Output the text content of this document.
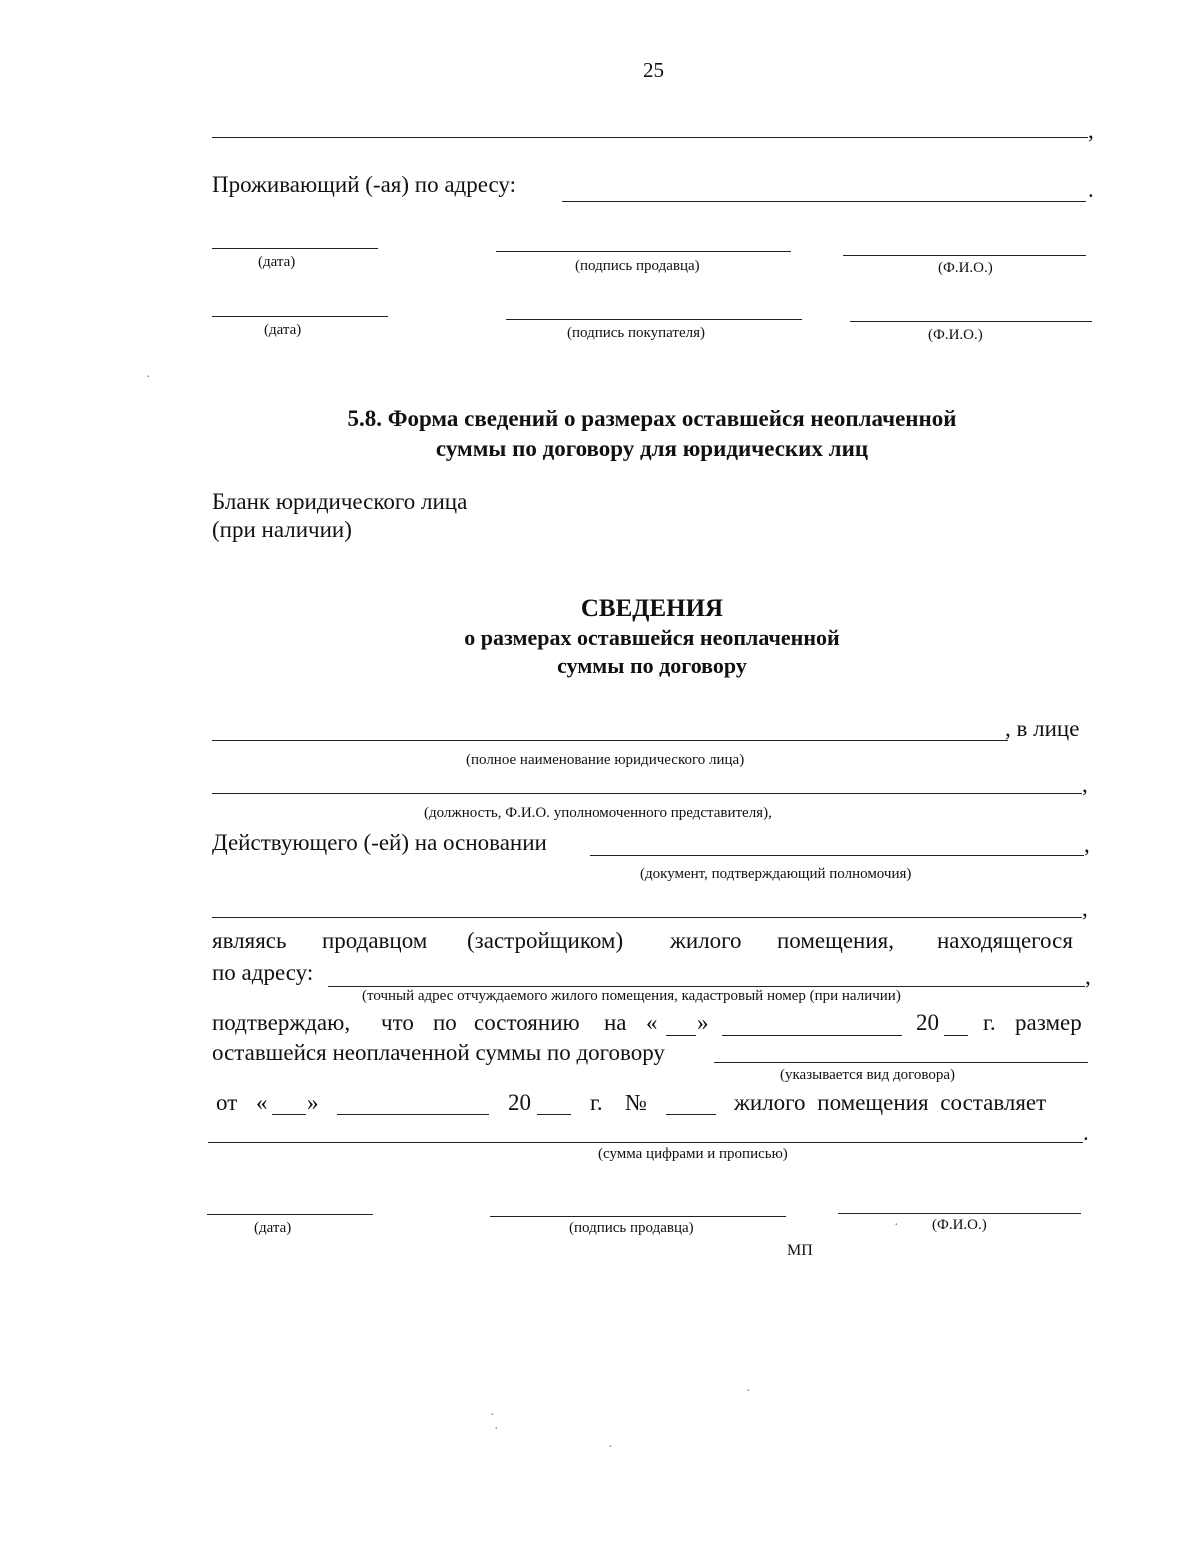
25
,
Проживающий (-ая) по адресу:	.
(дата)	(подпись продавца)	(Ф.И.О.)
(дата)	(подпись покупателя)	(Ф.И.О.)
5.8. Форма сведений о размерах оставшейся неоплаченной
суммы по договору для юридических лиц
Бланк юридического лица
(при наличии)
СВЕДЕНИЯ
о размерах оставшейся неоплаченной
суммы по договору
, в лице
(полное наименование юридического лица)
,
(должность, Ф.И.О. уполномоченного представителя),
Действующего (-ей) на основании	,
(документ, подтверждающий полномочия)
,
являясь продавцом (застройщиком) жилого помещения, находящегося
по адресу:	,
(точный адрес отчуждаемого жилого помещения, кадастровый номер (при наличии)
подтверждаю, что по состоянию на « »	20 г. размер
оставшейся неоплаченной суммы по договору
(указывается вид договора)
от « »	20	г. №	жилого помещения составляет
.
(сумма цифрами и прописью)
(дата)	(подпись продавца)	(Ф.И.О.)
МП
·
·
·
·
·
·
